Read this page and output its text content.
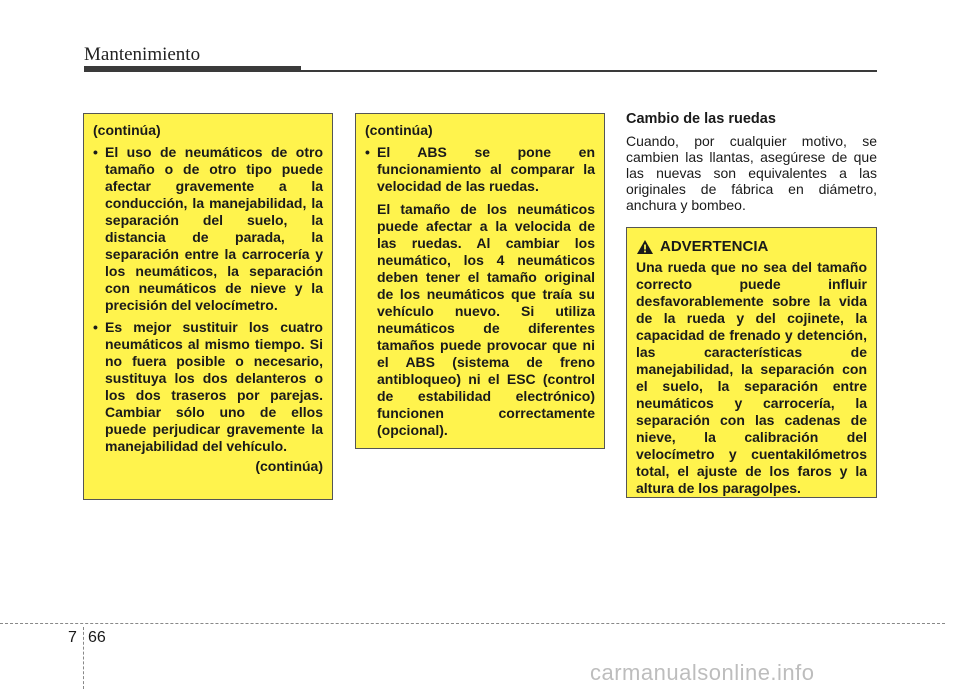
Mantenimiento

(continúa)

• El uso de neumáticos de otro tamaño o de otro tipo puede afectar gravemente a la conducción, la manejabilidad, la separación del suelo, la distancia de parada, la separación entre la carrocería y los neumáticos, la separación con neumáticos de nieve y la precisión del velocímetro.
• Es mejor sustituir los cuatro neumáticos al mismo tiempo. Si no fuera posible o necesario, sustituya los dos delanteros o los dos traseros por parejas. Cambiar sólo uno de ellos puede perjudicar gravemente la manejabilidad del vehículo.

(continúa)

(continúa)

• El ABS se pone en funcionamiento al comparar la velocidad de las ruedas.

El tamaño de los neumáticos puede afectar a la velocida de las ruedas. Al cambiar los neumático, los 4 neumáticos deben tener el tamaño original de los neumáticos que traía su vehículo nuevo. Si utiliza neumáticos de diferentes tamaños puede provocar que ni el ABS (sistema de freno antibloqueo) ni el ESC (control de estabilidad electrónico) funcionen correctamente (opcional).

Cambio de las ruedas

Cuando, por cualquier motivo, se cambien las llantas, asegúrese de que las nuevas son equivalentes a las originales de fábrica en diámetro, anchura y bombeo.

ADVERTENCIA

Una rueda que no sea del tamaño correcto puede influir desfavorablemente sobre la vida de la rueda y del cojinete, la capacidad de frenado y detención, las características de manejabilidad, la separación con el suelo, la separación entre neumáticos y carrocería, la separación con las cadenas de nieve, la calibración del velocímetro y cuentakilómetros total, el ajuste de los faros y la altura de los paragolpes.

7 66
carmanualsonline.info
